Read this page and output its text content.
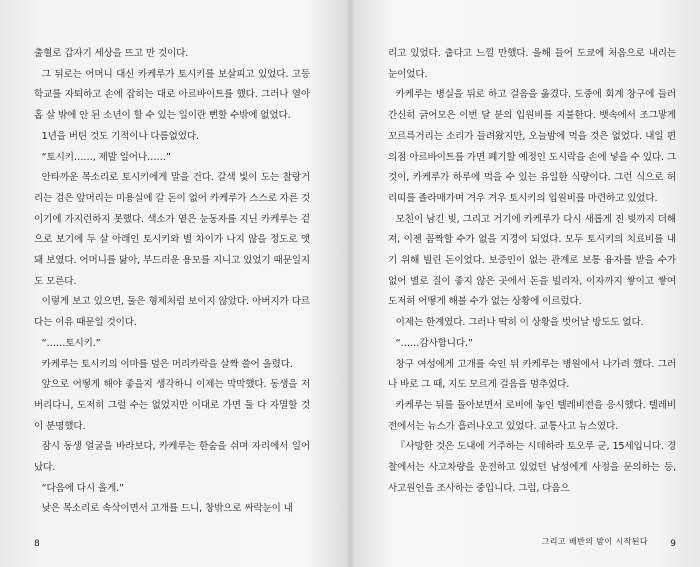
출혈로 갑자기 세상을 뜨고 만 것이다.

그 뒤로는 어머니 대신 카케루가 토시키를 보살피고 있었다. 고등학교를 자퇴하고 손에 잡히는 대로 아르바이트를 했다. 그러나 열아홉 살 밖에 안 된 소년이 할 수 있는 일이란 뻔할 수밖에 없었다.

1년을 버틴 것도 기적이나 다름없었다.

“토시키……, 제발 일어나……”

안타까운 목소리로 토시키에게 말을 건다. 갈색 빛이 도는 찰랑거리는 검은 앞머리는 미용실에 갈 돈이 없어 카케루가 스스로 자른 것이기에 가지런하지 못했다. 색소가 옅은 눈동자를 지닌 카케루는 겉으로 보기에 두 살 아래인 토시키와 별 차이가 나지 않을 정도로 앳돼 보였다. 어머니를 닮아, 부드러운 용모를 지니고 있었기 때문일지도 모른다.

이렇게 보고 있으면, 둘은 형제처럼 보이지 않았다. 아버지가 다르다는 이유 때문일 것이다.

“……토시키.”

카케루는 토시키의 이마를 덮은 머리카락을 살짝 쓸어 올렸다.

앞으로 어떻게 해야 좋을지 생각하니 이제는 막막했다. 동생을 저버리다니, 도저히 그럴 수는 없었지만 이대로 가면 둘 다 자멸할 것이 분명했다.

잠시 동생 얼굴을 바라보다, 카케루는 한숨을 쉬며 자리에서 일어났다.

“다음에 다시 올게.”

낮은 목소리로 속삭이면서 고개를 드니, 창밖으로 싸락눈이 내

8

리고 있었다. 춥다고 느낄 만했다. 올해 들어 도쿄에 처음으로 내리는 눈이었다.

카케루는 병실을 뒤로 하고 걸음을 옮겼다. 도중에 회계 창구에 들러 간신히 긁어모은 이번 달 분의 입원비를 지불한다. 뱃속에서 조그맣게 꼬르륵거리는 소리가 들려왔지만, 오늘밤에 먹을 것은 없었다. 내일 편의점 아르바이트를 가면 폐기할 예정인 도시락을 손에 넣을 수 있다. 그것이, 카케루가 하루에 먹을 수 있는 유일한 식량이다. 그런 식으로 허리띠를 졸라매가며 겨우 겨우 토시키의 입원비를 마련하고 있었다.

모친이 남긴 빚, 그리고 거기에 카케루가 다시 새롭게 진 빚까지 더해져, 이젠 꼼짝할 수가 없을 지경이 되었다. 모두 토시키의 치료비를 내기 위해 빌린 돈이었다. 보증인이 없는 관계로 보통 융자를 받을 수가 없어 별로 질이 좋지 않은 곳에서 돈을 빌리자, 이자까지 쌓이고 쌓여 도저히 어떻게 해볼 수가 없는 상황에 이르렀다.

이제는 한계였다. 그러나 딱히 이 상황을 벗어날 방도도 없다.

“……감사합니다.”

창구 여성에게 고개를 숙인 뒤 카케루는 병원에서 나가려 했다. 그러나 바로 그 때, 지도 모르게 걸음을 멈추었다.

카케루는 뒤를 돌아보면서 로비에 놓인 텔레비전을 응시했다. 텔레비전에서는 뉴스가 흘러나오고 있었다. 교통사고 뉴스였다.

『사망한 것은 도내에 거주하는 시데하라 토오루 군, 15세입니다. 경찰에서는 사고차량을 운전하고 있었던 남성에게 사정을 문의하는 등, 사고원인을 조사하는 중입니다. 그럼, 다음으

그리고 배반의 밤이 시작된다 9
